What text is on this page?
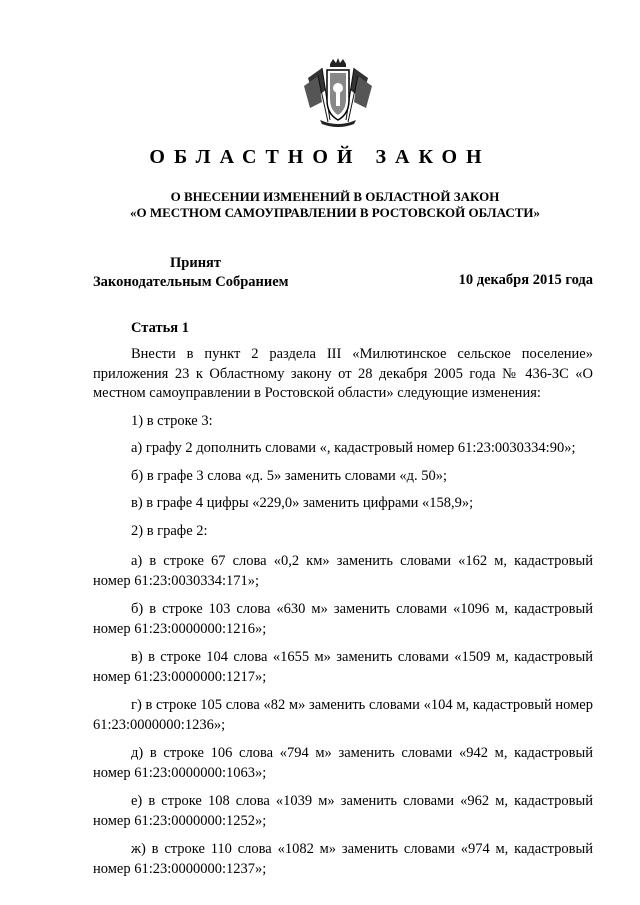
ОБЛАСТНОЙ ЗАКОН
О ВНЕСЕНИИ ИЗМЕНЕНИЙ В ОБЛАСТНОЙ ЗАКОН
«О МЕСТНОМ САМОУПРАВЛЕНИИ В РОСТОВСКОЙ ОБЛАСТИ»
Принят
Законодательным Собранием	10 декабря 2015 года
Статья 1

Внести в пункт 2 раздела III «Милютинское сельское поселение» приложения 23 к Областному закону от 28 декабря 2005 года № 436-ЗС «О местном самоуправлении в Ростовской области» следующие изменения:

1) в строке 3:

а) графу 2 дополнить словами «, кадастровый номер 61:23:0030334:90»;

б) в графе 3 слова «д. 5» заменить словами «д. 50»;

в) в графе 4 цифры «229,0» заменить цифрами «158,9»;

2) в графе 2:

а) в строке 67 слова «0,2 км» заменить словами «162 м, кадастровый номер 61:23:0030334:171»;

б) в строке 103 слова «630 м» заменить словами «1096 м, кадастровый номер 61:23:0000000:1216»;

в) в строке 104 слова «1655 м» заменить словами «1509 м, кадастровый номер 61:23:0000000:1217»;

г) в строке 105 слова «82 м» заменить словами «104 м, кадастровый номер 61:23:0000000:1236»;

д) в строке 106 слова «794 м» заменить словами «942 м, кадастровый номер 61:23:0000000:1063»;

е) в строке 108 слова «1039 м» заменить словами «962 м, кадастровый номер 61:23:0000000:1252»;

ж) в строке 110 слова «1082 м» заменить словами «974 м, кадастровый номер 61:23:0000000:1237»;
